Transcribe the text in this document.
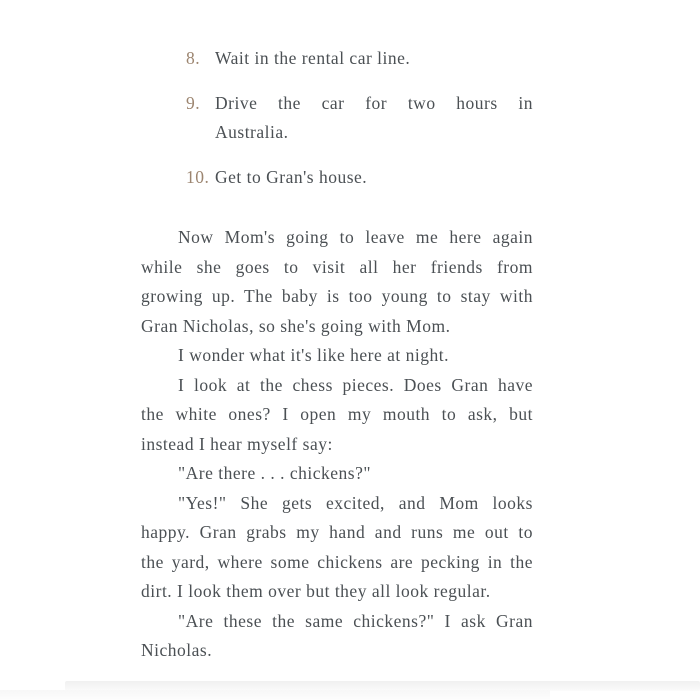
8. Wait in the rental car line.
9. Drive the car for two hours in
Australia.
10. Get to Gran's house.
Now Mom's going to leave me here again
while she goes to visit all her friends from
growing up. The baby is too young to stay with
Gran Nicholas, so she's going with Mom.
I wonder what it's like here at night.
I look at the chess pieces. Does Gran have
the white ones? I open my mouth to ask, but
instead I hear myself say:
"Are there . . . chickens?"
"Yes!" She gets excited, and Mom looks
happy. Gran grabs my hand and runs me out to
the yard, where some chickens are pecking in the
dirt. I look them over but they all look regular.
"Are these the same chickens?" I ask Gran
Nicholas.
